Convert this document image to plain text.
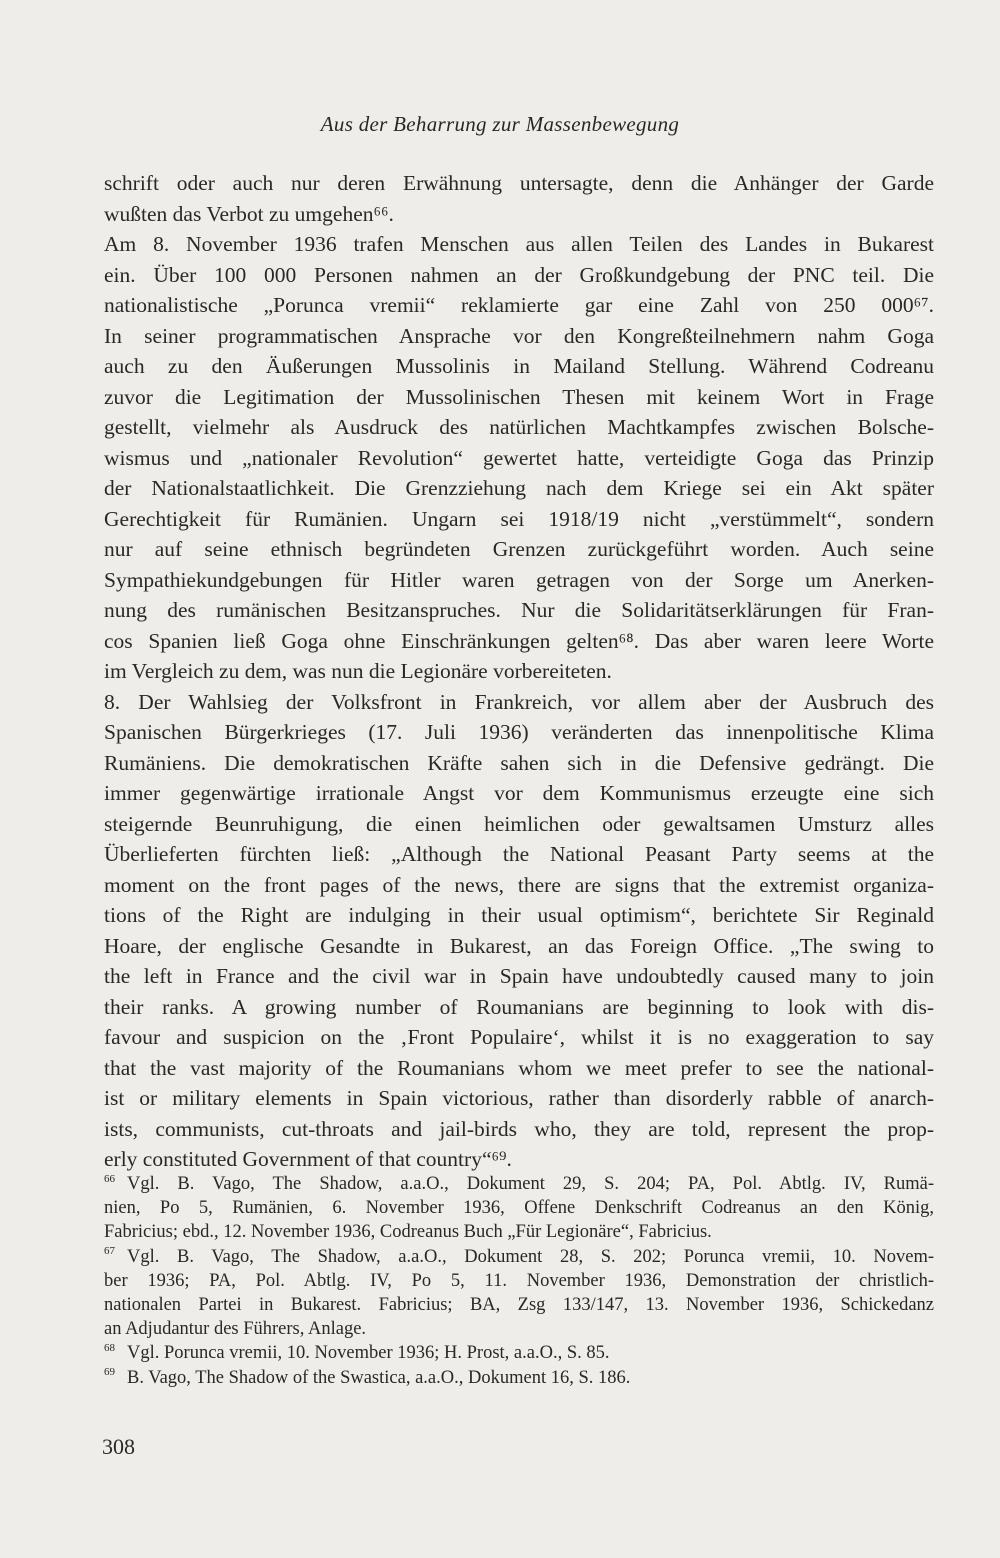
Aus der Beharrung zur Massenbewegung
schrift oder auch nur deren Erwähnung untersagte, denn die Anhänger der Garde
wußten das Verbot zu umgehen⁶⁶.
Am 8. November 1936 trafen Menschen aus allen Teilen des Landes in Bukarest
ein. Über 100 000 Personen nahmen an der Großkundgebung der PNC teil. Die
nationalistische „Porunca vremii“ reklamierte gar eine Zahl von 250 000⁶⁷.
In seiner programmatischen Ansprache vor den Kongreßteilnehmern nahm Goga
auch zu den Äußerungen Mussolinis in Mailand Stellung. Während Codreanu
zuvor die Legitimation der Mussolinischen Thesen mit keinem Wort in Frage
gestellt, vielmehr als Ausdruck des natürlichen Machtkampfes zwischen Bolsche-
wismus und „nationaler Revolution“ gewertet hatte, verteidigte Goga das Prinzip
der Nationalstaatlichkeit. Die Grenzziehung nach dem Kriege sei ein Akt später
Gerechtigkeit für Rumänien. Ungarn sei 1918/19 nicht „verstümmelt“, sondern
nur auf seine ethnisch begründeten Grenzen zurückgeführt worden. Auch seine
Sympathiekundgebungen für Hitler waren getragen von der Sorge um Anerken-
nung des rumänischen Besitzanspruches. Nur die Solidaritätserklärungen für Fran-
cos Spanien ließ Goga ohne Einschränkungen gelten⁶⁸. Das aber waren leere Worte
im Vergleich zu dem, was nun die Legionäre vorbereiteten.
8. Der Wahlsieg der Volksfront in Frankreich, vor allem aber der Ausbruch des
Spanischen Bürgerkrieges (17. Juli 1936) veränderten das innenpolitische Klima
Rumäniens. Die demokratischen Kräfte sahen sich in die Defensive gedrängt. Die
immer gegenwärtige irrationale Angst vor dem Kommunismus erzeugte eine sich
steigernde Beunruhigung, die einen heimlichen oder gewaltsamen Umsturz alles
Überlieferten fürchten ließ: „Although the National Peasant Party seems at the
moment on the front pages of the news, there are signs that the extremist organiza-
tions of the Right are indulging in their usual optimism“, berichtete Sir Reginald
Hoare, der englische Gesandte in Bukarest, an das Foreign Office. „The swing to
the left in France and the civil war in Spain have undoubtedly caused many to join
their ranks. A growing number of Roumanians are beginning to look with dis-
favour and suspicion on the ‚Front Populaire‘, whilst it is no exaggeration to say
that the vast majority of the Roumanians whom we meet prefer to see the national-
ist or military elements in Spain victorious, rather than disorderly rabble of anarch-
ists, communists, cut-throats and jail-birds who, they are told, represent the prop-
erly constituted Government of that country“⁶⁹.
$^{66}$ Vgl. B. Vago, The Shadow, a.a.O., Dokument 29, S. 204; PA, Pol. Abtlg. IV, Rumä-
nien, Po 5, Rumänien, 6. November 1936, Offene Denkschrift Codreanus an den König,
Fabricius; ebd., 12. November 1936, Codreanus Buch „Für Legionäre“, Fabricius.
$^{67}$ Vgl. B. Vago, The Shadow, a.a.O., Dokument 28, S. 202; Porunca vremii, 10. Novem-
ber 1936; PA, Pol. Abtlg. IV, Po 5, 11. November 1936, Demonstration der christlich-
nationalen Partei in Bukarest. Fabricius; BA, Zsg 133/147, 13. November 1936, Schickedanz
an Adjudantur des Führers, Anlage.
$^{68}$ Vgl. Porunca vremii, 10. November 1936; H. Prost, a.a.O., S. 85.
$^{69}$ B. Vago, The Shadow of the Swastica, a.a.O., Dokument 16, S. 186.
308
